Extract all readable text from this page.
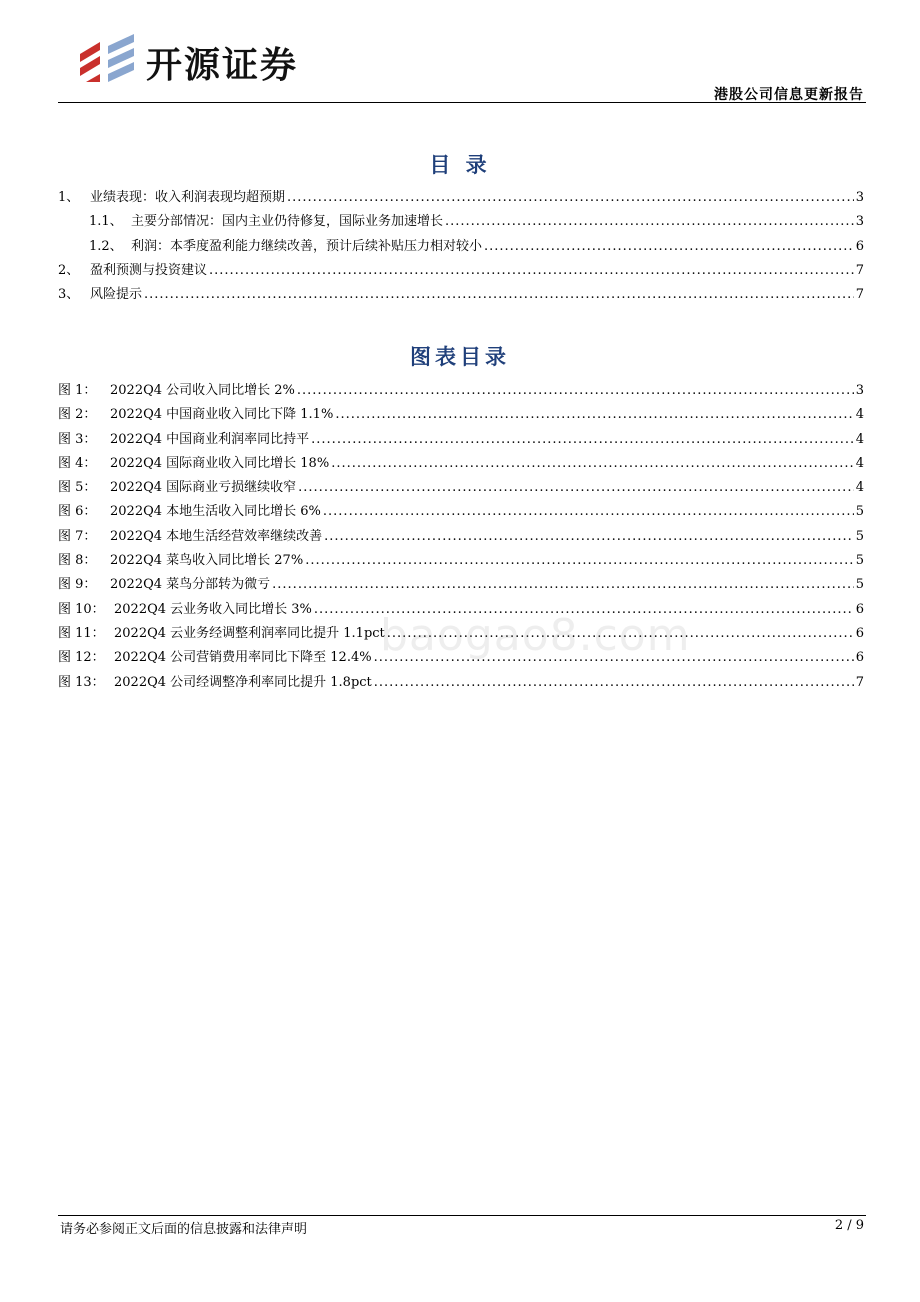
开源证券
港股公司信息更新报告
目 录
1、 业绩表现：收入利润表现均超预期 .....	3
1.1、 主要分部情况：国内主业仍待修复，国际业务加速增长 .....	3
1.2、 利润：本季度盈利能力继续改善，预计后续补贴压力相对较小 .....	6
2、 盈利预测与投资建议 .....	7
3、 风险提示 .....	7
图表目录
图 1：	2022Q4 公司收入同比增长 2% .....	3
图 2：	2022Q4 中国商业收入同比下降 1.1% .....	4
图 3：	2022Q4 中国商业利润率同比持平 .....	4
图 4：	2022Q4 国际商业收入同比增长 18% .....	4
图 5：	2022Q4 国际商业亏损继续收窄 .....	4
图 6：	2022Q4 本地生活收入同比增长 6% .....	5
图 7：	2022Q4 本地生活经营效率继续改善 .....	5
图 8：	2022Q4 菜鸟收入同比增长 27% .....	5
图 9：	2022Q4 菜鸟分部转为微亏 .....	5
图 10： 2022Q4 云业务收入同比增长 3% .....	6
图 11： 2022Q4 云业务经调整利润率同比提升 1.1pct .....	6
图 12： 2022Q4 公司营销费用率同比下降至 12.4% .....	6
图 13： 2022Q4 公司经调整净利率同比提升 1.8pct .....	7
baogao8.com
请务必参阅正文后面的信息披露和法律声明	2 / 9
